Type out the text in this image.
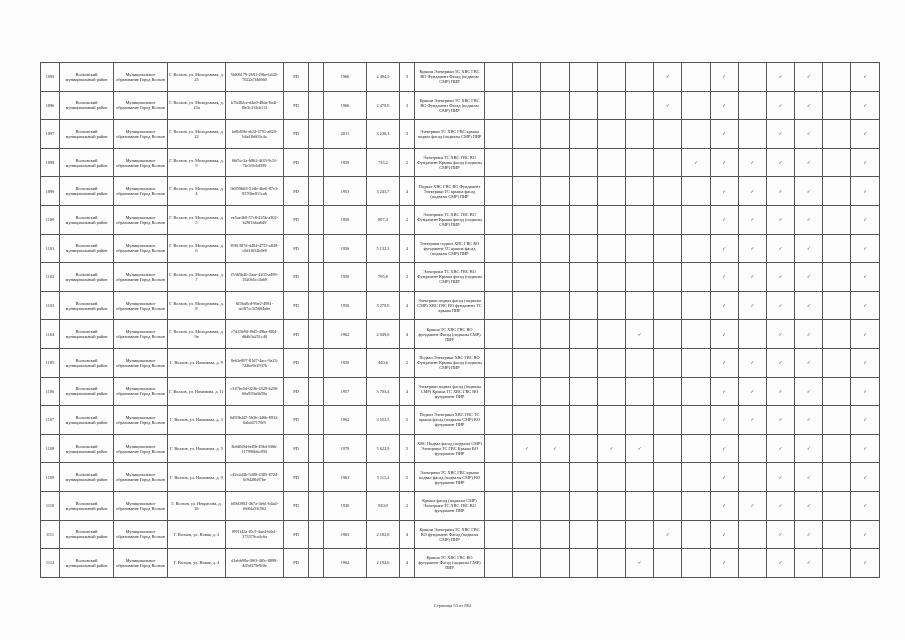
1095	Волховский муниципальный район	Муниципальное образование Город Волхов	Г. Волхов, ул. Молодежная, д. 25	5fd06179-2691-49be-b445-7022a7f4d660	PD		1966	2 494,5	3	Крыши Электрики ТС ХВС ГВС ВО Фундамент Фасад (подвалы СМР) ПИР							✓		✓		✓	✓		✓
1096	Волховский муниципальный район	Муниципальное образование Город Волхов	Г. Волхов, ул. Молодежная, д. 23а	b76d82ce-d4a9-48da-8a4f-f6e3c23fcb113	PD		1966	2 470,0	3	Крыши Электрики ТС ХВС ГВС ВО Фундамент Фасад (подвалы СМР) ПИР							✓		✓		✓	✓		✓
1097	Волховский муниципальный район	Муниципальное образование Город Волхов	Г. Волхов, ул. Молодежная, д. 22	fa0b49fe-eb3f-4791-a820-b4af1b603c4a	PD		2011	3 236,3	3	Электрики ТС ХВС ГВС крыша подвал фасад (подвалы СМР) ПИР									✓		✓	✓		✓
1098	Волховский муниципальный район	Муниципальное образование Город Волхов	Г. Волхов, ул. Молодежная, д. 9	66f5cc2a-b862-4f43-9c5f-7fe1f0c6d599	PD		1959	735,2	2	Электрики ТС ХВС ГВС ВО Фундамент Крыша фасад (подвалы СМР) ПИР								✓	✓	✓	✓	✓		✓
1099	Волховский муниципальный район	Муниципальное образование Город Волхов	Г. Волхов, ул. Молодежная, д. 4	0a959b68-51db-4be6-87e3-9576be011cab	PD		1953	3 243,7	4	Подвал ХВС ГВС ВО Фундамент Электрики ТС крыша фасад (подвалы СМР) ПИР									✓	✓	✓	✓		✓
1100	Волховский муниципальный район	Муниципальное образование Город Волхов	Г. Волхов, ул. Молодежная, д. 5	ee5ae460-57c8-425b-a302-b29f1bfaa6d9	PD		1950	807,4	2	Электрики ТС ХВС ГВС ВО Фундамент Крыша фасад (подвалы СМР) ПИР									✓	✓	✓	✓		✓
1101	Волховский муниципальный район	Муниципальное образование Город Волхов	Г. Волхов, ул. Молодежная, д. 6	3981387d-d484-4755-a849-c0d1f652b0e8	PD		1956	5 132,3	4	Электрики подвал ХВС ГВС ВО фундамент ТС крыша фасад (подвалы СМР) ПИР									✓	✓	✓	✓		✓
1102	Волховский муниципальный район	Муниципальное образование Город Волхов	Г. Волхов, ул. Молодежная, д. 7	f5365b46-2aae-4203-a499-1520b5cc4a69	PD		1950	795,8	2	Электрики ТС ХВС ГВС ВО Фундамент Крыша фасад (подвалы СМР) ПИР									✓	✓	✓	✓		✓
1103	Волховский муниципальный район	Муниципальное образование Город Волхов	Г. Волхов, ул. Молодежная, д. 8	6f56a8cd-9be2-4981-ac0f7cc5f5604a6e	PD		1950	3 270,0	4	Электрики подвал фасад (подвалы СМР) ХВС ГВС ВО фундамент ТС крыша ПИР									✓	✓	✓	✓		✓
1104	Волховский муниципальный район	Муниципальное образование Город Волхов	Г. Волхов, ул. Молодежная, д. 9а	c7d25b90-f9d5-49ba-8f04-d6db5a251c40	PD		1962	2 049,6	4	Крыша ТС ХВС ГВС ВО фундамент Фасад (подвалы СМР) ПИР						✓			✓		✓	✓		✓
1105	Волховский муниципальный район	Муниципальное образование Город Волхов	Г. Волхов, ул. Нахимова, д. 9	8e62e897-81d7-4acc-9a23-722be9e2937b	PD		1950	440,6	2	Подвал Электрики ХВС ГВС ВО Фундамент Крыша фасад (подвалы СМР) ПИР									✓	✓	✓	✓		✓
1106	Волховский муниципальный район	Муниципальное образование Город Волхов	Г. Волхов, ул. Нахимова, д. 11	c347bc0d-023b-4529-b256-60a959a6b59a	PD		1957	3 703,4	4	Электрики подвал фасад (подвалы СМР) Крыша ТС ХВС ГВС ВО фундамент ПИР									✓	✓	✓	✓		✓
1107	Волховский муниципальный район	Муниципальное образование Город Волхов	Г. Волхов, ул. Нахимова, д. 3	6d93b447-5b3b-446b-8932-6abd47170f9	PD		1962	3 553,5	5	Подвал Электрики ХВС ГВС ТС крыша фасад (подвалы СМР) ВО фундамент ПИР									✓	✓	✓	✓		✓
1108	Волховский муниципальный район	Муниципальное образование Город Волхов	Г. Волхов, ул. Нахимова, д. 5	3b6ffb9d-bd5b-49b4-8f6b-f17990b6c890	PD		1978	5 622,9	5	ХВС Подвал фасад (подвалы СМР) Электрики ТС ГВС Крыша ВО фундамент ПИР		✓	✓		✓	✓			✓		✓	✓		✓
1109	Волховский муниципальный район	Муниципальное образование Город Волхов	Г. Волхов, ул. Нахимова, д. 9	c42c2d4b-5408-4385-8724-6f9428b87be	PD		1963	5 111,2	5	Электрики ТС ХВС ГВС крыша подвал фасад (подвалы СМР) ВО фундамент ПИР									✓		✓	✓		✓
1110	Волховский муниципальный район	Муниципальное образование Город Волхов	Г. Волхов, ул. Некрасова, д. 26	fd9d3902-467a-4eb1-b4a4-f6d6fa53f562	PD		1930	930,0	2	Крыша фасад (подвалы СМР) Электрики ТС ХВС ГВС ВО фундамент ПИР									✓	✓	✓	✓		✓
1111	Волховский муниципальный район	Муниципальное образование Город Волхов	Г. Волхов, ул. Новая, д. 2	f991f42a-f0c5-4ae4-b8a1-373379ca4c6a	PD		1963	2 182,8	4	Крыши Электрики ТС ХВС ГВС ВО фундамент Фасад (подвалы СМР) ПИР							✓		✓		✓	✓		✓
1112	Волховский муниципальный район	Муниципальное образование Город Волхов	Г. Волхов, ул. Новая, д. 4	d1ebb99a-f063-4f0c-8898-4d5d375e9f0e	PD		1962	2 192,6	4	Крыша ТС ХВС ГВС ВО фундамент Фасад (подвалы СМР) ПИР						✓			✓		✓	✓		✓
Страница 53 из 882
